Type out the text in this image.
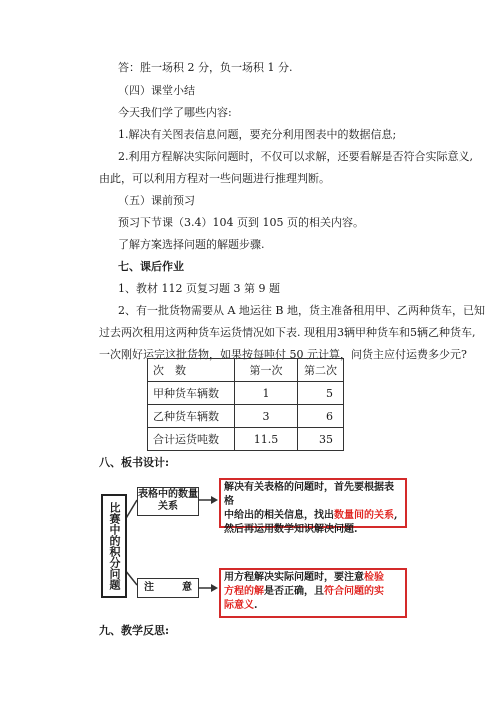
答：胜一场积 2 分，负一场积 1 分.
（四）课堂小结
今天我们学了哪些内容:
1.解决有关图表信息问题，要充分利用图表中的数据信息;
2.利用方程解决实际问题时，不仅可以求解，还要看解是否符合实际意义,
由此，可以利用方程对一些问题进行推理判断。
（五）课前预习
预习下节课（3.4）104 页到 105 页的相关内容。
了解方案选择问题的解题步骤.
七、课后作业
1、教材 112 页复习题 3 第 9 题
2、有一批货物需要从 A 地运往 B 地，货主准备租用甲、乙两种货车，已知
过去两次租用这两种货车运货情况如下表. 现租用3辆甲种货车和5辆乙种货车,
一次刚好运完这批货物，如果按每吨付 50 元计算，问货主应付运费多少元?
次　数	第一次	第二次
甲种货车辆数	1	5
乙种货车辆数	3	6
合计运货吨数	11.5	35
八、板书设计:
比赛中的积分问题
表格中的数量关系
解决有关表格的问题时，首先要根据表格
中给出的相关信息，找出数量间的关系,
然后再运用数学知识解决问题.
注	意
用方程解决实际问题时，要注意检验
方程的解是否正确，且符合问题的实
际意义.
九、教学反思:
